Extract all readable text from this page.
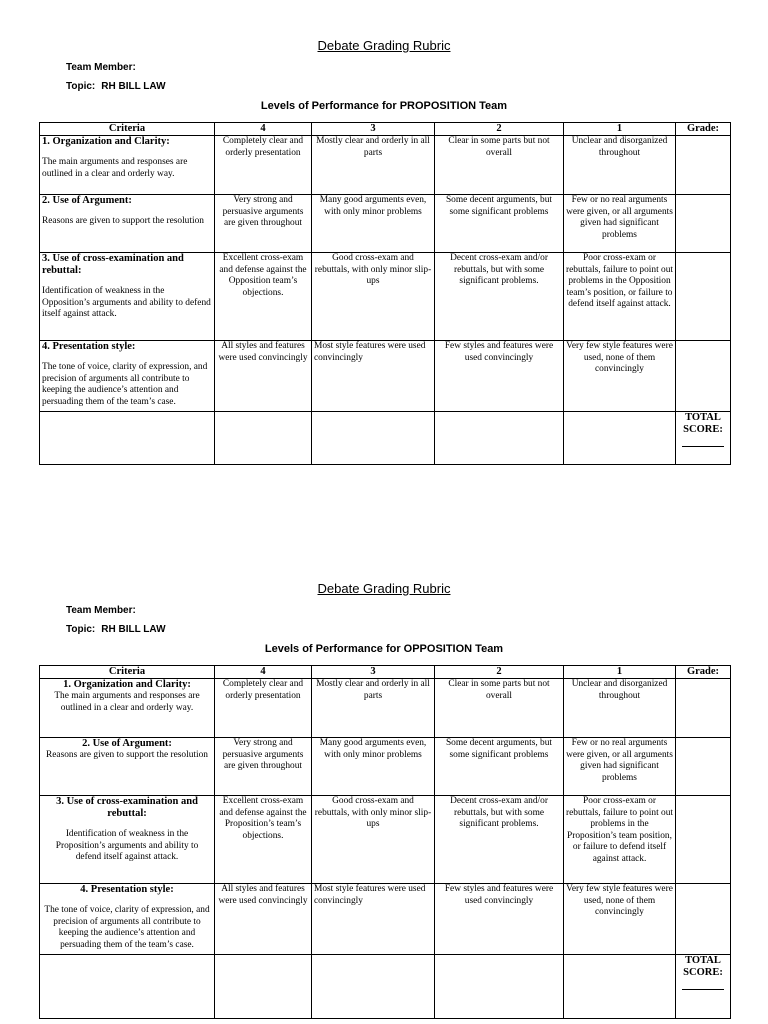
Debate Grading Rubric
Team Member:
Topic: RH BILL LAW
Levels of Performance for PROPOSITION Team
Criteria	4	3	2	1	Grade:

1. Organization and Clarity:
The main arguments and responses are outlined in a clear and orderly way.	Completely clear and orderly presentation	Mostly clear and orderly in all parts	Clear in some parts but not overall	Unclear and disorganized throughout	

2. Use of Argument:
Reasons are given to support the resolution	Very strong and persuasive arguments are given throughout	Many good arguments even, with only minor problems	Some decent arguments, but some significant problems	Few or no real arguments were given, or all arguments given had significant problems	

3. Use of cross-examination and rebuttal:
Identification of weakness in the Opposition’s arguments and ability to defend itself against attack.	Excellent cross-exam and defense against the Opposition team’s objections.	Good cross-exam and rebuttals, with only minor slip-ups	Decent cross-exam and/or rebuttals, but with some significant problems.	Poor cross-exam or rebuttals, failure to point out problems in the Opposition team’s position, or failure to defend itself against attack.	

4. Presentation style:
The tone of voice, clarity of expression, and precision of arguments all contribute to keeping the audience’s attention and persuading them of the team’s case.	All styles and features were used convincingly	Most style features were used convincingly	Few styles and features were used convincingly	Very few style features were used, none of them convincingly	
					TOTAL SCORE:
Debate Grading Rubric
Team Member:
Topic: RH BILL LAW
Levels of Performance for OPPOSITION Team
Criteria	4	3	2	1	Grade:

1. Organization and Clarity:
The main arguments and responses are outlined in a clear and orderly way.	Completely clear and orderly presentation	Mostly clear and orderly in all parts	Clear in some parts but not overall	Unclear and disorganized throughout	

2. Use of Argument:
Reasons are given to support the resolution	Very strong and persuasive arguments are given throughout	Many good arguments even, with only minor problems	Some decent arguments, but some significant problems	Few or no real arguments were given, or all arguments given had significant problems	

3. Use of cross-examination and rebuttal:
Identification of weakness in the Proposition’s arguments and ability to defend itself against attack.	Excellent cross-exam and defense against the Proposition’s team’s objections.	Good cross-exam and rebuttals, with only minor slip-ups	Decent cross-exam and/or rebuttals, but with some significant problems.	Poor cross-exam or rebuttals, failure to point out problems in the Proposition’s team position, or failure to defend itself against attack.	

4. Presentation style:
The tone of voice, clarity of expression, and precision of arguments all contribute to keeping the audience’s attention and persuading them of the team’s case.	All styles and features were used convincingly	Most style features were used convincingly	Few styles and features were used convincingly	Very few style features were used, none of them convincingly	
					TOTAL SCORE:
